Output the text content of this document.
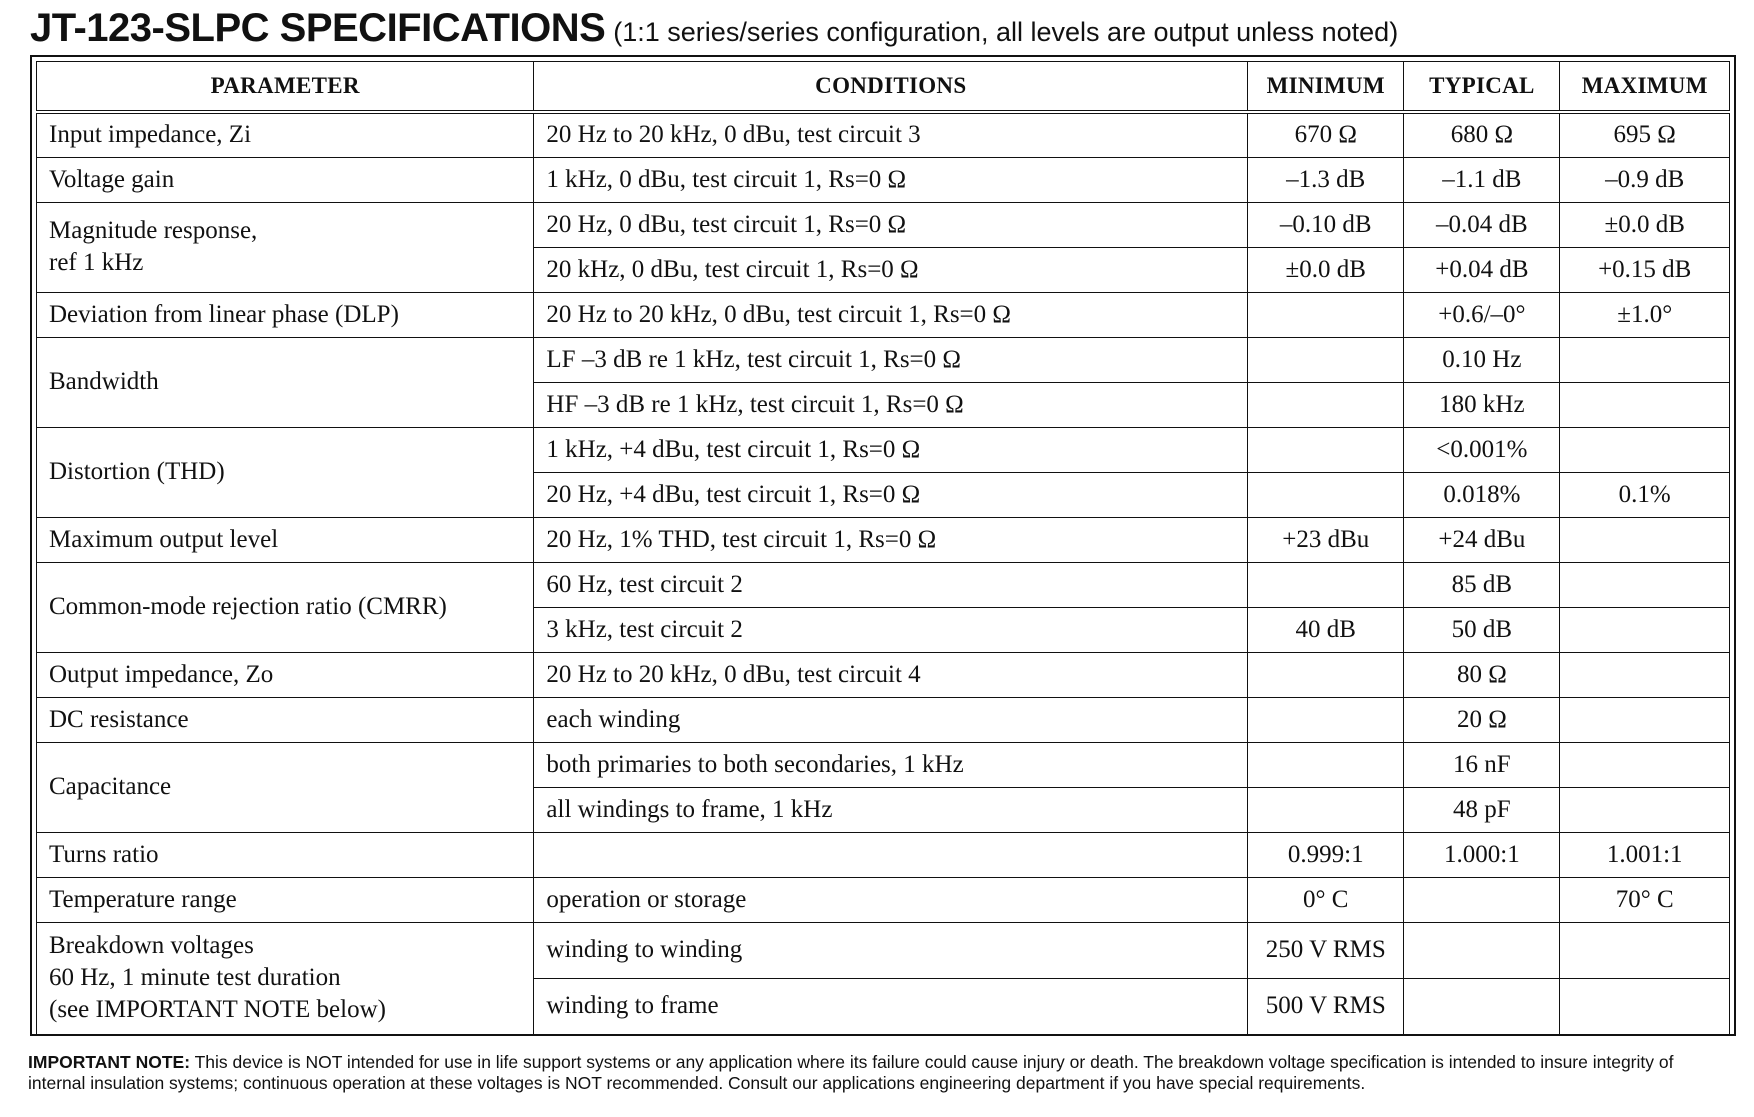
JT-123-SLPC SPECIFICATIONS (1:1 series/series configuration, all levels are output unless noted)
PARAMETER	CONDITIONS	MINIMUM	TYPICAL	MAXIMUM
Input impedance, Zi	20 Hz to 20 kHz, 0 dBu, test circuit 3	670 Ω	680 Ω	695 Ω
Voltage gain	1 kHz, 0 dBu, test circuit 1, Rs=0 Ω	–1.3 dB	–1.1 dB	–0.9 dB
Magnitude response,
ref 1 kHz	20 Hz, 0 dBu, test circuit 1, Rs=0 Ω	–0.10 dB	–0.04 dB	±0.0 dB
	20 kHz, 0 dBu, test circuit 1, Rs=0 Ω	±0.0 dB	+0.04 dB	+0.15 dB
Deviation from linear phase (DLP)	20 Hz to 20 kHz, 0 dBu, test circuit 1, Rs=0 Ω		+0.6/–0°	±1.0°
Bandwidth	LF –3 dB re 1 kHz, test circuit 1, Rs=0 Ω		0.10 Hz	
	HF –3 dB re 1 kHz, test circuit 1, Rs=0 Ω		180 kHz	
Distortion (THD)	1 kHz, +4 dBu, test circuit 1, Rs=0 Ω		<0.001%	
	20 Hz, +4 dBu, test circuit 1, Rs=0 Ω		0.018%	0.1%
Maximum output level	20 Hz, 1% THD, test circuit 1, Rs=0 Ω	+23 dBu	+24 dBu	
Common-mode rejection ratio (CMRR)	60 Hz, test circuit 2		85 dB	
	3 kHz, test circuit 2	40 dB	50 dB	
Output impedance, Zo	20 Hz to 20 kHz, 0 dBu, test circuit 4		80 Ω	
DC resistance	each winding		20 Ω	
Capacitance	both primaries to both secondaries, 1 kHz		16 nF	
	all windings to frame, 1 kHz		48 pF	
Turns ratio		0.999:1	1.000:1	1.001:1
Temperature range	operation or storage	0° C		70° C
Breakdown voltages
60 Hz, 1 minute test duration
(see IMPORTANT NOTE below)	winding to winding	250 V RMS		
	winding to frame	500 V RMS		
IMPORTANT NOTE: This device is NOT intended for use in life support systems or any application where its failure could cause injury or death. The breakdown voltage specification is intended to insure integrity of internal insulation systems; continuous operation at these voltages is NOT recommended. Consult our applications engineering department if you have special requirements.
